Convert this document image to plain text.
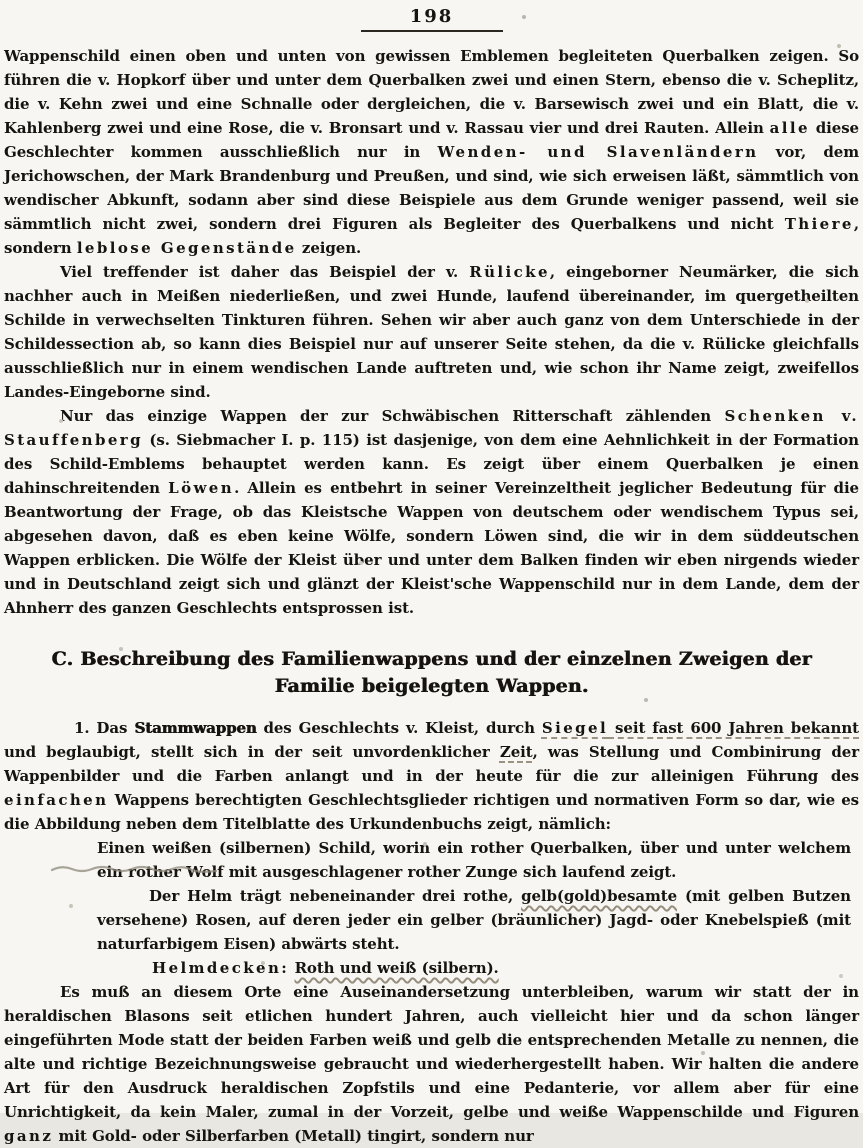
198

Wappenschild einen oben und unten von gewissen Emblemen begleiteten Querbalken zeigen. So führen die v. Hopkorf über und unter dem Querbalken zwei und einen Stern, ebenso die v. Scheplitz, die v. Kehn zwei und eine Schnalle oder dergleichen, die v. Barsewisch zwei und ein Blatt, die v. Kahlenberg zwei und eine Rose, die v. Bronsart und v. Rassau vier und drei Rauten. Allein alle diese Geschlechter kommen ausschließlich nur in Wenden- und Slavenländern vor, dem Jerichowschen, der Mark Brandenburg und Preußen, und sind, wie sich erweisen läßt, sämmtlich von wendischer Abkunft, sodann aber sind diese Beispiele aus dem Grunde weniger passend, weil sie sämmtlich nicht zwei, sondern drei Figuren als Begleiter des Querbalkens und nicht Thiere, sondern leblose Gegenstände zeigen.

Viel treffender ist daher das Beispiel der v. Rülicke, eingeborner Neumärker, die sich nachher auch in Meißen niederließen, und zwei Hunde, laufend übereinander, im quergetheilten Schilde in verwechselten Tinkturen führen. Sehen wir aber auch ganz von dem Unterschiede in der Schildessection ab, so kann dies Beispiel nur auf unserer Seite stehen, da die v. Rülicke gleichfalls ausschließlich nur in einem wendischen Lande auftreten und, wie schon ihr Name zeigt, zweifellos Landes-Eingeborne sind.

Nur das einzige Wappen der zur Schwäbischen Ritterschaft zählenden Schenken v. Stauffenberg (s. Siebmacher I. p. 115) ist dasjenige, von dem eine Aehnlichkeit in der Formation des Schild-Emblems behauptet werden kann. Es zeigt über einem Querbalken je einen dahinschreitenden Löwen. Allein es entbehrt in seiner Vereinzeltheit jeglicher Bedeutung für die Beantwortung der Frage, ob das Kleistsche Wappen von deutschem oder wendischem Typus sei, abgesehen davon, daß es eben keine Wölfe, sondern Löwen sind, die wir in dem süddeutschen Wappen erblicken. Die Wölfe der Kleist über und unter dem Balken finden wir eben nirgends wieder und in Deutschland zeigt sich und glänzt der Kleist'sche Wappenschild nur in dem Lande, dem der Ahnherr des ganzen Geschlechts entsprossen ist.

C. Beschreibung des Familienwappens und der einzelnen Zweigen der Familie beigelegten Wappen.

1. Das Stammwappen des Geschlechts v. Kleist, durch Siegel seit fast 600 Jahren bekannt und beglaubigt, stellt sich in der seit unvordenklicher Zeit, was Stellung und Combinirung der Wappenbilder und die Farben anlangt und in der heute für die zur alleinigen Führung des einfachen Wappens berechtigten Geschlechtsglieder richtigen und normativen Form so dar, wie es die Abbildung neben dem Titelblatte des Urkundenbuchs zeigt, nämlich:

Einen weißen (silbernen) Schild, worin ein rother Querbalken, über und unter welchem ein rother Wolf mit ausgeschlagener rother Zunge sich laufend zeigt.

Der Helm trägt nebeneinander drei rothe, gelb(gold)besamte (mit gelben Butzen versehene) Rosen, auf deren jeder ein gelber (bräunlicher) Jagd- oder Knebelspieß (mit naturfarbigem Eisen) abwärts steht.

Helmdecken: Roth und weiß (silbern).

Es muß an diesem Orte eine Auseinandersetzung unterbleiben, warum wir statt der in heraldischen Blasons seit etlichen hundert Jahren, auch vielleicht hier und da schon länger eingeführten Mode statt der beiden Farben weiß und gelb die entsprechenden Metalle zu nennen, die alte und richtige Bezeichnungsweise gebraucht und wiederhergestellt haben. Wir halten die andere Art für den Ausdruck heraldischen Zopfstils und eine Pedanterie, vor allem aber für eine Unrichtigkeit, da kein Maler, zumal in der Vorzeit, gelbe und weiße Wappenschilde und Figuren ganz mit Gold- oder Silberfarben (Metall) tingirt, sondern nur
